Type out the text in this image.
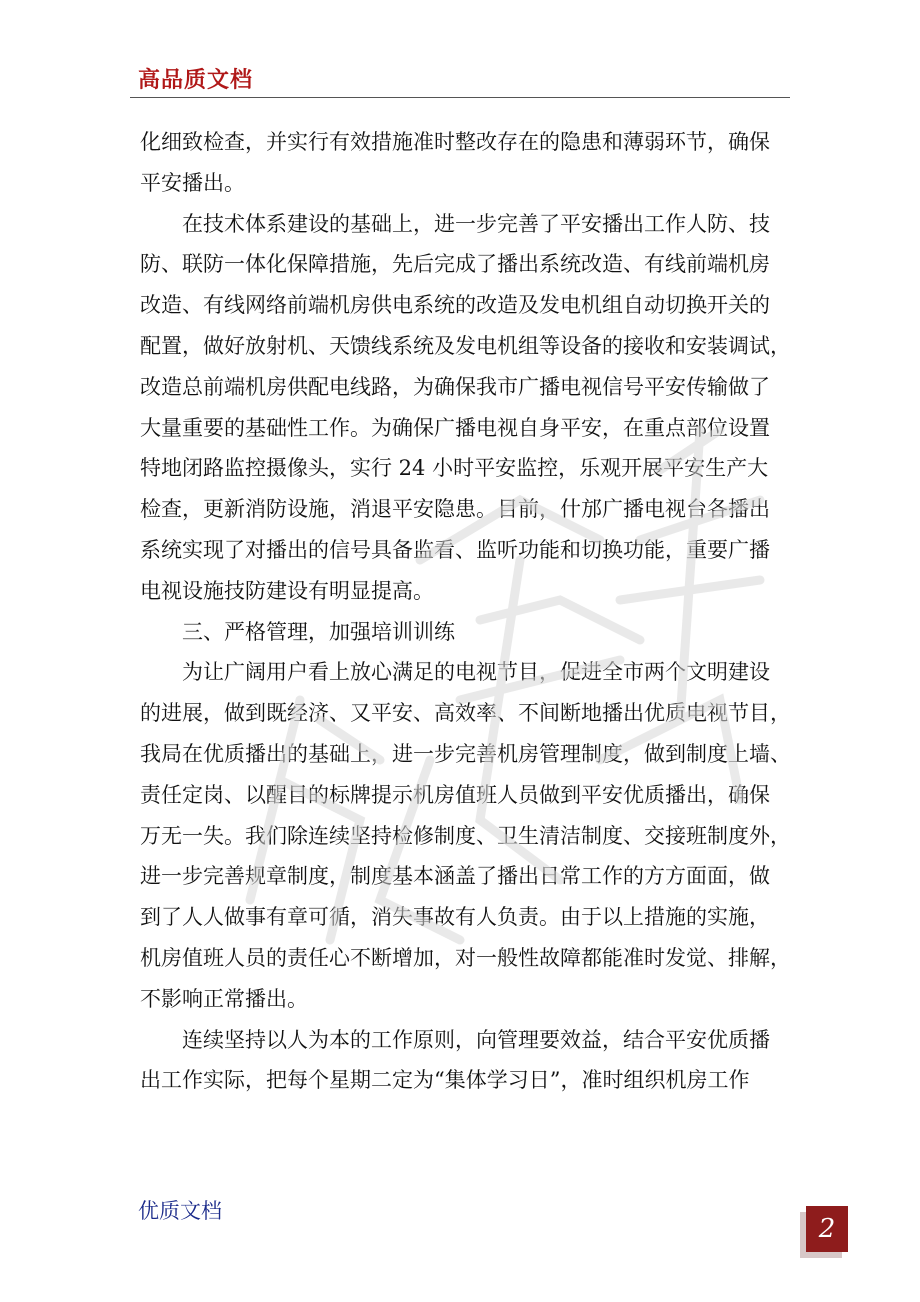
高品质文档
化细致检查，并实行有效措施准时整改存在的隐患和薄弱环节，确保
平安播出。
在技术体系建设的基础上，进一步完善了平安播出工作人防、技
防、联防一体化保障措施，先后完成了播出系统改造、有线前端机房
改造、有线网络前端机房供电系统的改造及发电机组自动切换开关的
配置，做好放射机、天馈线系统及发电机组等设备的接收和安装调试，
改造总前端机房供配电线路，为确保我市广播电视信号平安传输做了
大量重要的基础性工作。为确保广播电视自身平安，在重点部位设置
特地闭路监控摄像头，实行 24 小时平安监控，乐观开展平安生产大
检查，更新消防设施，消退平安隐患。目前，什邡广播电视台各播出
系统实现了对播出的信号具备监看、监听功能和切换功能，重要广播
电视设施技防建设有明显提高。
三、严格管理，加强培训训练
为让广阔用户看上放心满足的电视节目，促进全市两个文明建设
的进展，做到既经济、又平安、高效率、不间断地播出优质电视节目，
我局在优质播出的基础上，进一步完善机房管理制度，做到制度上墙、
责任定岗、以醒目的标牌提示机房值班人员做到平安优质播出，确保
万无一失。我们除连续坚持检修制度、卫生清洁制度、交接班制度外，
进一步完善规章制度，制度基本涵盖了播出日常工作的方方面面，做
到了人人做事有章可循，消失事故有人负责。由于以上措施的实施，
机房值班人员的责任心不断增加，对一般性故障都能准时发觉、排解，
不影响正常播出。
连续坚持以人为本的工作原则，向管理要效益，结合平安优质播
出工作实际，把每个星期二定为“集体学习日”，准时组织机房工作
优质文档
2
